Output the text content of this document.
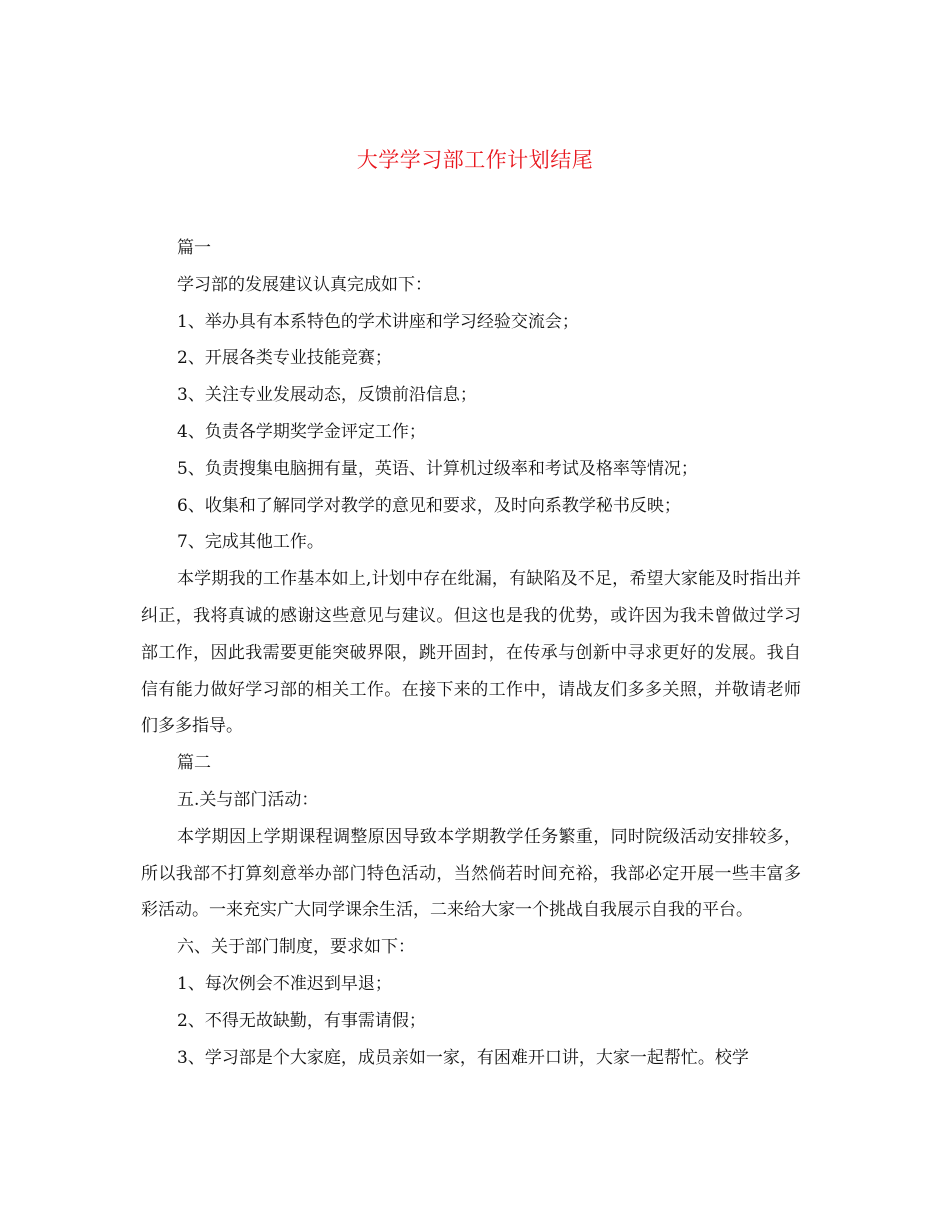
大学学习部工作计划结尾

篇一

学习部的发展建议认真完成如下：

1、举办具有本系特色的学术讲座和学习经验交流会；

2、开展各类专业技能竞赛；

3、关注专业发展动态，反馈前沿信息；

4、负责各学期奖学金评定工作；

5、负责搜集电脑拥有量，英语、计算机过级率和考试及格率等情况；

6、收集和了解同学对教学的意见和要求，及时向系教学秘书反映；

7、完成其他工作。

本学期我的工作基本如上,计划中存在纰漏，有缺陷及不足，希望大家能及时指出并纠正，我将真诚的感谢这些意见与建议。但这也是我的优势，或许因为我未曾做过学习部工作，因此我需要更能突破界限，跳开固封，在传承与创新中寻求更好的发展。我自信有能力做好学习部的相关工作。在接下来的工作中，请战友们多多关照，并敬请老师们多多指导。

篇二

五.关与部门活动：

本学期因上学期课程调整原因导致本学期教学任务繁重，同时院级活动安排较多，所以我部不打算刻意举办部门特色活动，当然倘若时间充裕，我部必定开展一些丰富多彩活动。一来充实广大同学课余生活，二来给大家一个挑战自我展示自我的平台。

六、关于部门制度，要求如下：

1、每次例会不准迟到早退；

2、不得无故缺勤，有事需请假；

3、学习部是个大家庭，成员亲如一家，有困难开口讲，大家一起帮忙。校学
